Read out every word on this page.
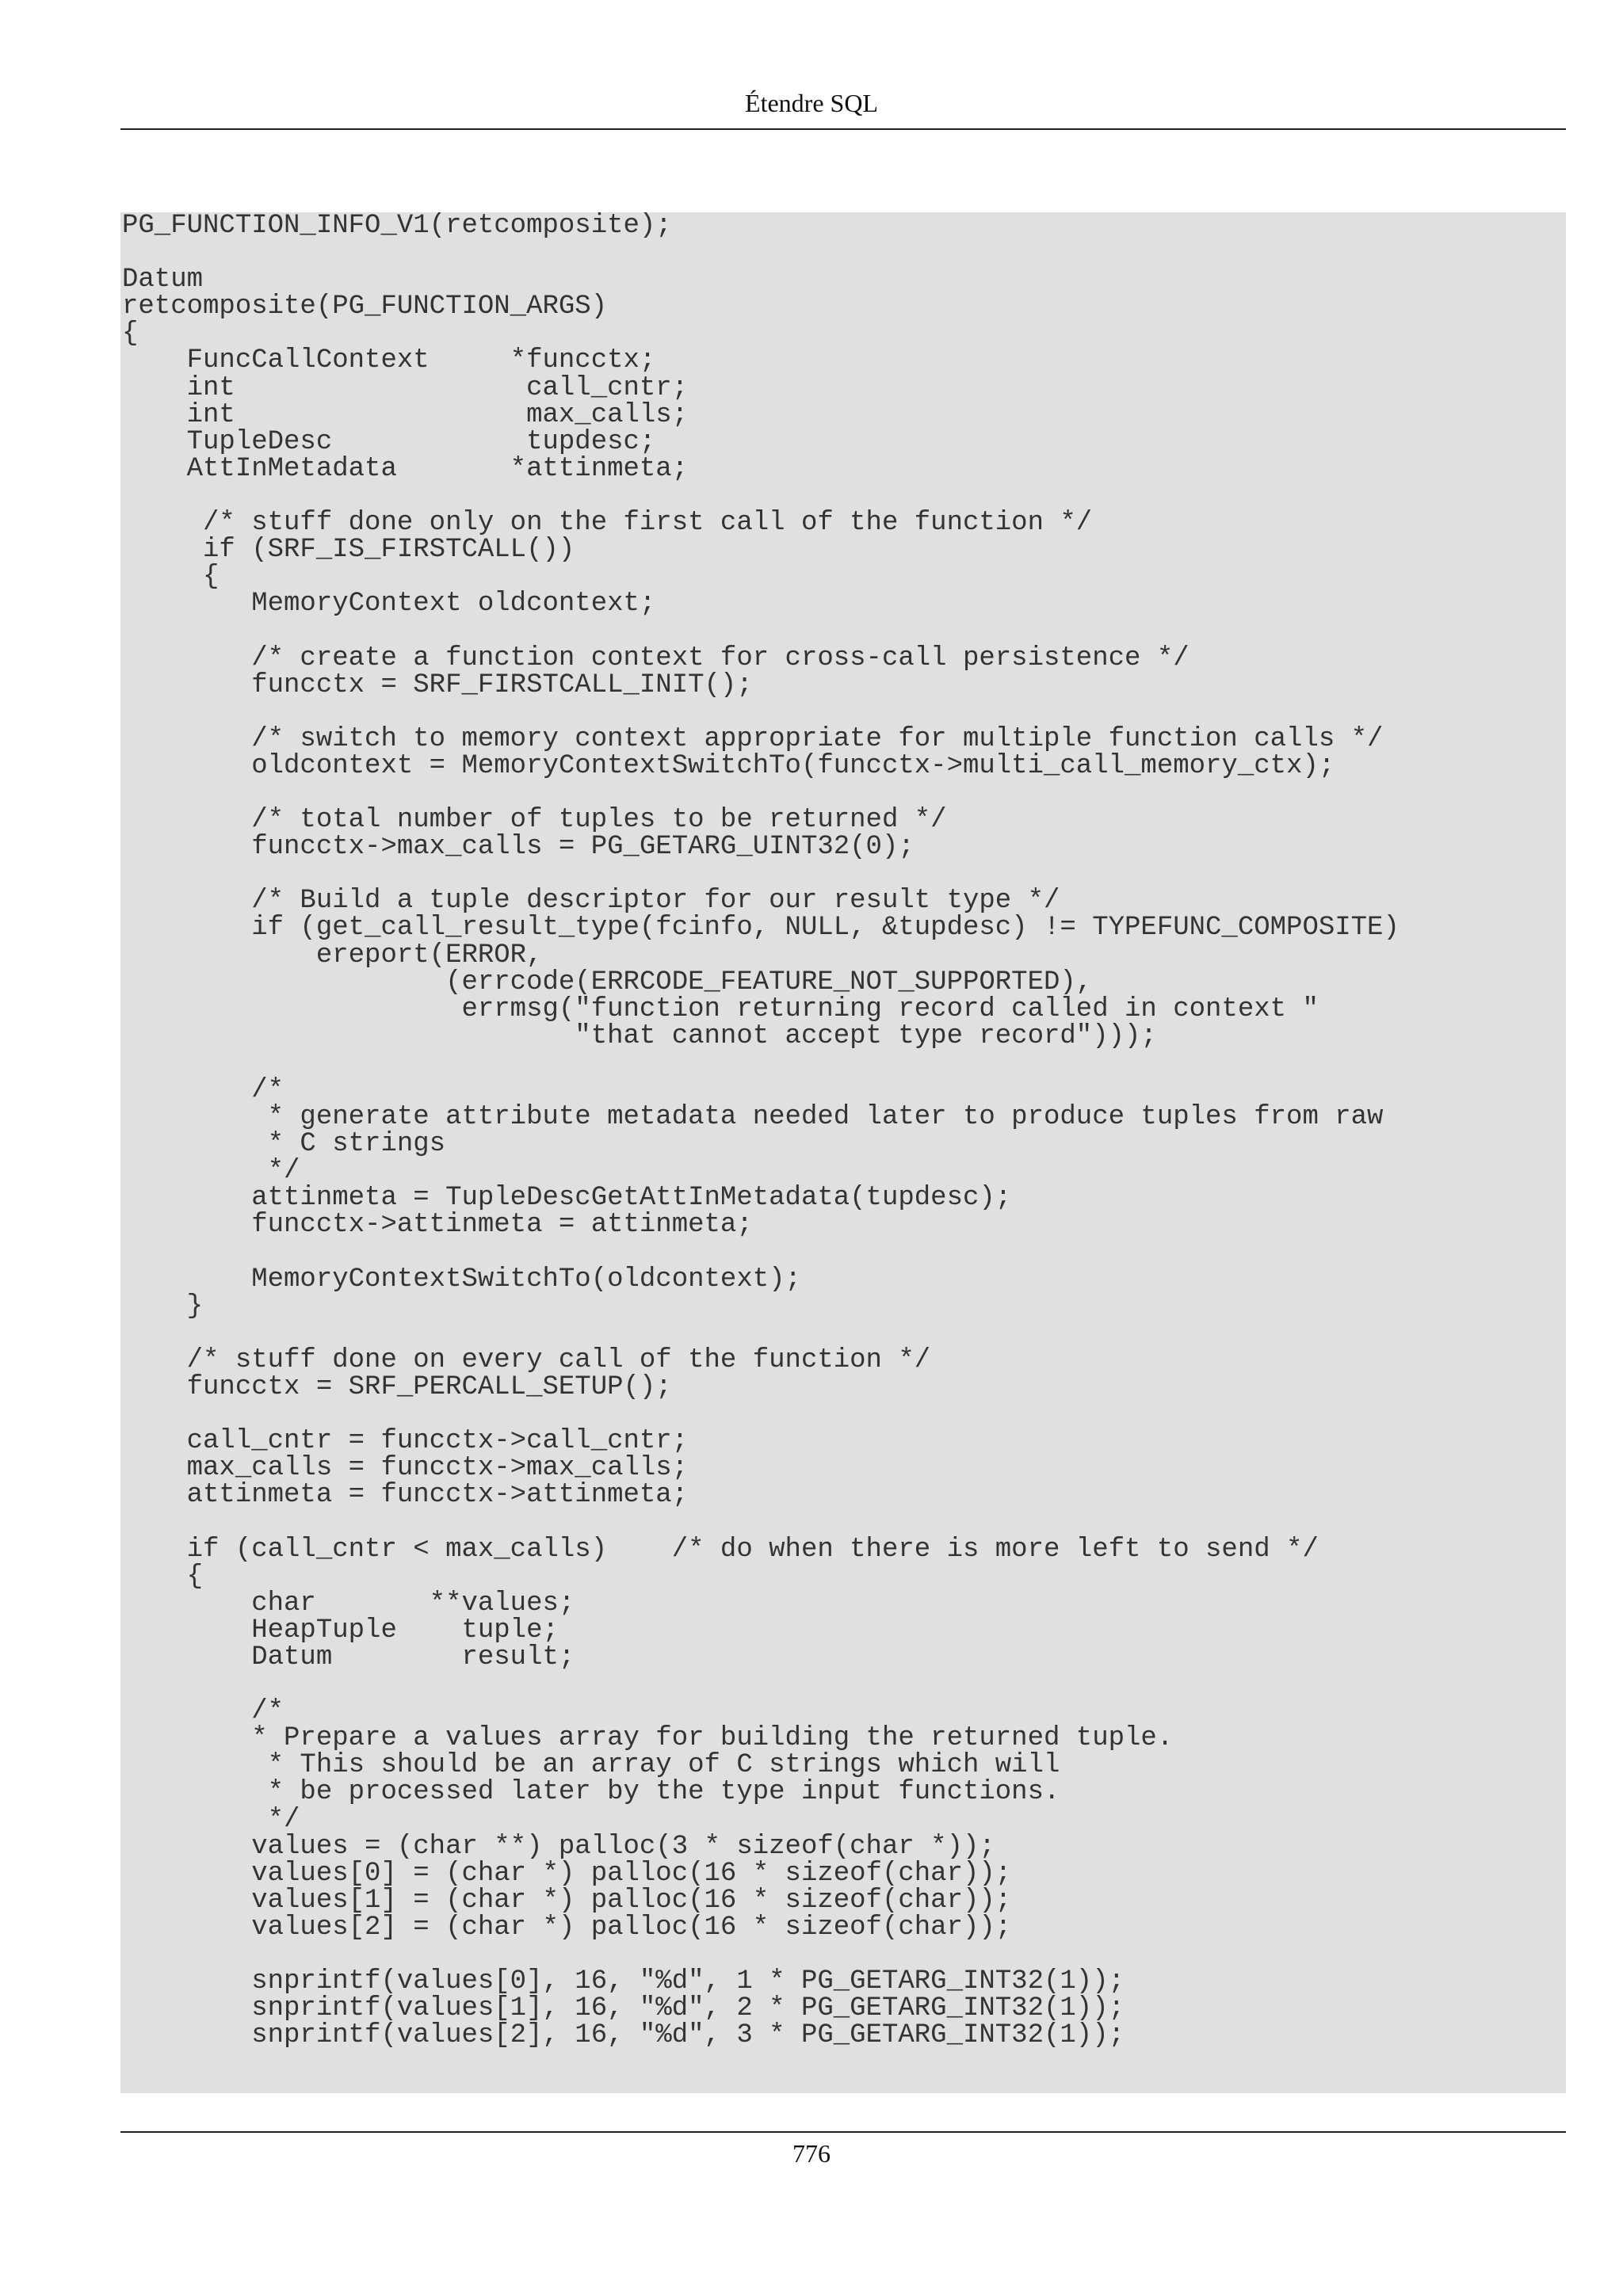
Étendre SQL
PG_FUNCTION_INFO_V1(retcomposite);

Datum
retcomposite(PG_FUNCTION_ARGS)
{
FuncCallContext     *funcctx;
int                  call_cntr;
int                  max_calls;
TupleDesc            tupdesc;
AttInMetadata       *attinmeta;

/* stuff done only on the first call of the function */
if (SRF_IS_FIRSTCALL())
{
MemoryContext oldcontext;

/* create a function context for cross-call persistence */
funcctx = SRF_FIRSTCALL_INIT();

/* switch to memory context appropriate for multiple function calls */
oldcontext = MemoryContextSwitchTo(funcctx->multi_call_memory_ctx);

/* total number of tuples to be returned */
funcctx->max_calls = PG_GETARG_UINT32(0);

/* Build a tuple descriptor for our result type */
if (get_call_result_type(fcinfo, NULL, &tupdesc) != TYPEFUNC_COMPOSITE)
ereport(ERROR,
(errcode(ERRCODE_FEATURE_NOT_SUPPORTED),
errmsg("function returning record called in context "
"that cannot accept type record")));

/*
* generate attribute metadata needed later to produce tuples from raw
* C strings
*/
attinmeta = TupleDescGetAttInMetadata(tupdesc);
funcctx->attinmeta = attinmeta;

MemoryContextSwitchTo(oldcontext);
}

/* stuff done on every call of the function */
funcctx = SRF_PERCALL_SETUP();

call_cntr = funcctx->call_cntr;
max_calls = funcctx->max_calls;
attinmeta = funcctx->attinmeta;

if (call_cntr < max_calls)    /* do when there is more left to send */
{
char       **values;
HeapTuple    tuple;
Datum        result;

/*
* Prepare a values array for building the returned tuple.
* This should be an array of C strings which will
* be processed later by the type input functions.
*/
values = (char **) palloc(3 * sizeof(char *));
values[0] = (char *) palloc(16 * sizeof(char));
values[1] = (char *) palloc(16 * sizeof(char));
values[2] = (char *) palloc(16 * sizeof(char));

snprintf(values[0], 16, "%d", 1 * PG_GETARG_INT32(1));
snprintf(values[1], 16, "%d", 2 * PG_GETARG_INT32(1));
snprintf(values[2], 16, "%d", 3 * PG_GETARG_INT32(1));
776
